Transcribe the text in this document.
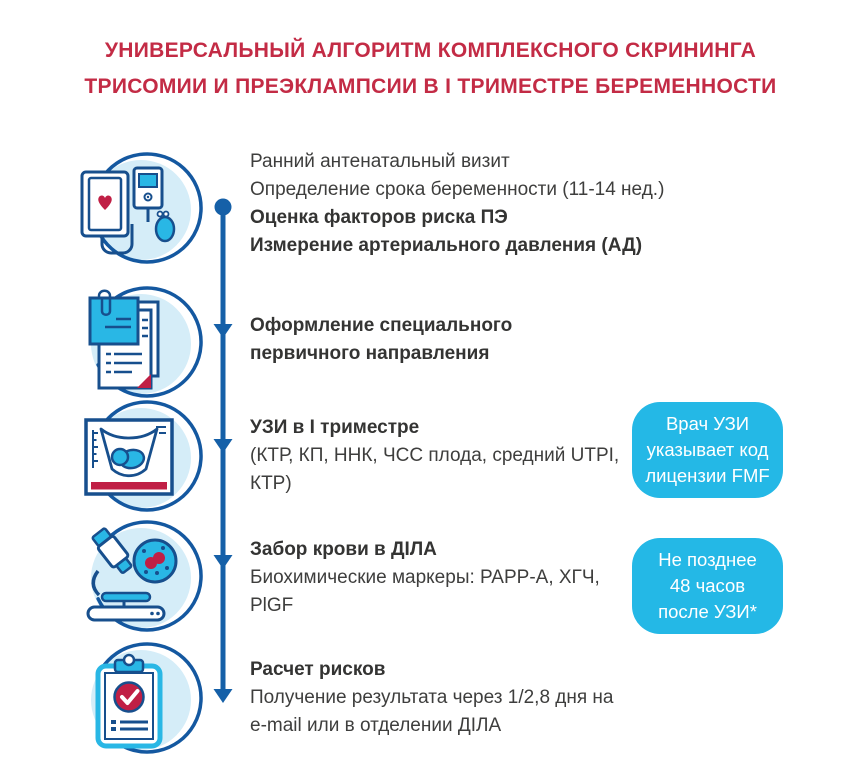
УНИВЕРСАЛЬНЫЙ АЛГОРИТМ КОМПЛЕКСНОГО СКРИНИНГА
ТРИСОМИИ И ПРЕЭКЛАМПСИИ В I ТРИМЕСТРЕ БЕРЕМЕННОСТИ
Ранний антенатальный визит
Определение срока беременности (11-14 нед.)
Оценка факторов риска ПЭ
Измерение артериального давления (АД)
Оформление специального
первичного направления
УЗИ в I триместре
(КТР, КП, ННК, ЧСС плода, средний UTPI,
КТР)
Врач УЗИ
указывает код
лицензии FMF
Забор крови в ДІЛА
Биохимические маркеры: PAPP-A, ХГЧ,
PlGF
Не позднее
48 часов
после УЗИ*
Расчет рисков
Получение результата через 1/2,8 дня на
e-mail или в отделении ДІЛА
